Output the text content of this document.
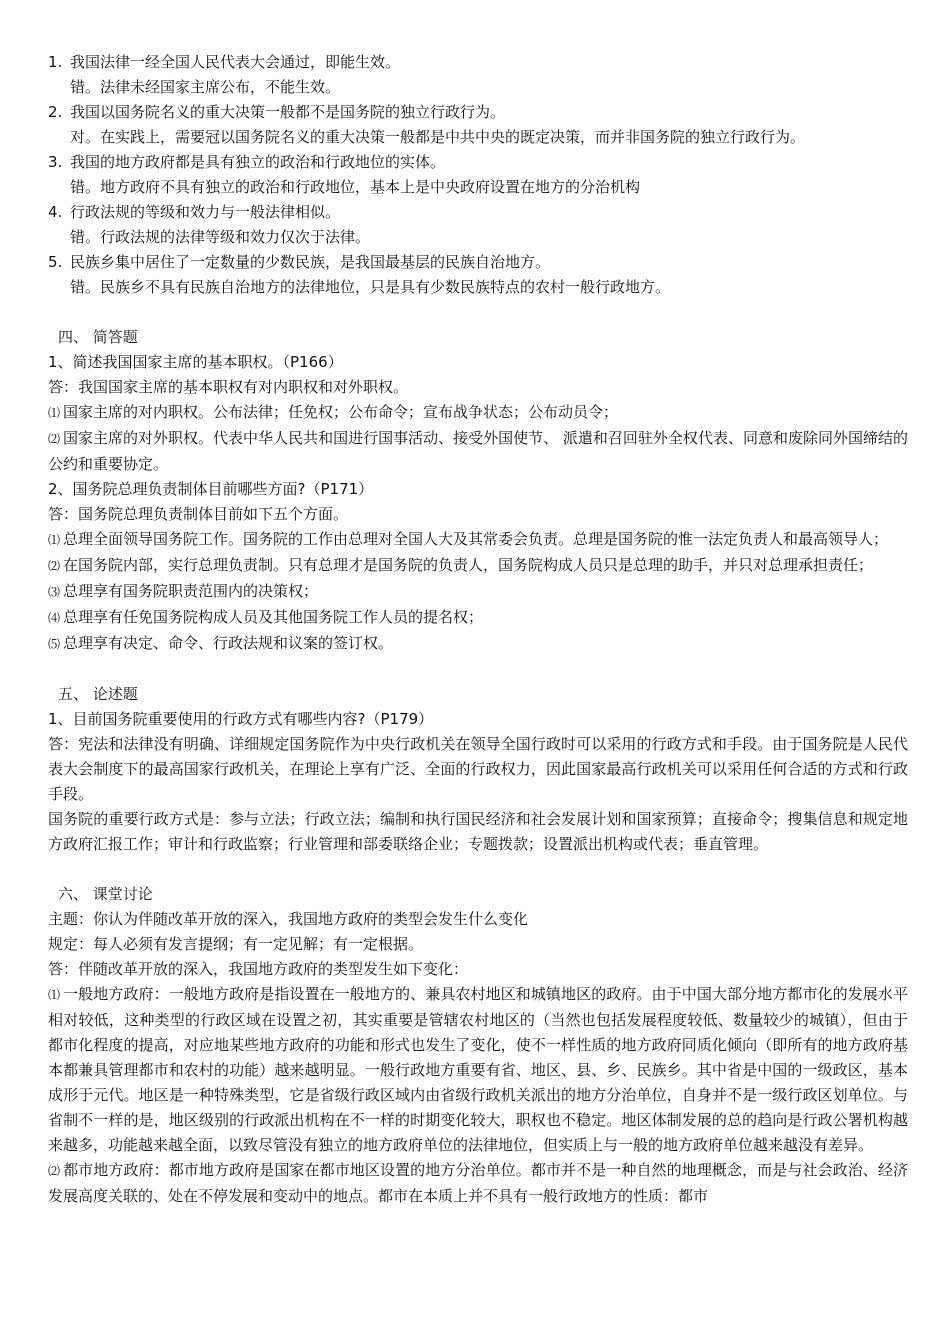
1. 我国法律一经全国人民代表大会通过，即能生效。
错。法律未经国家主席公布，不能生效。
2. 我国以国务院名义的重大决策一般都不是国务院的独立行政行为。
对。在实践上，需要冠以国务院名义的重大决策一般都是中共中央的既定决策，而并非国务院的独立行政行为。
3. 我国的地方政府都是具有独立的政治和行政地位的实体。
错。地方政府不具有独立的政治和行政地位，基本上是中央政府设置在地方的分治机构
4. 行政法规的等级和效力与一般法律相似。
错。行政法规的法律等级和效力仅次于法律。
5. 民族乡集中居住了一定数量的少数民族，是我国最基层的民族自治地方。
错。民族乡不具有民族自治地方的法律地位，只是具有少数民族特点的农村一般行政地方。
四、 简答题
1、简述我国国家主席的基本职权。（P166）
答：我国国家主席的基本职权有对内职权和对外职权。
⑴ 国家主席的对内职权。公布法律；任免权；公布命令；宣布战争状态；公布动员令；
⑵ 国家主席的对外职权。代表中华人民共和国进行国事活动、接受外国使节、 派遣和召回驻外全权代表、同意和废除同外国缔结的公约和重要协定。
2、国务院总理负责制体目前哪些方面?（P171）
答：国务院总理负责制体目前如下五个方面。
⑴ 总理全面领导国务院工作。国务院的工作由总理对全国人大及其常委会负责。总理是国务院的惟一法定负责人和最高领导人；
⑵ 在国务院内部，实行总理负责制。只有总理才是国务院的负责人，国务院构成人员只是总理的助手，并只对总理承担责任；
⑶ 总理享有国务院职责范围内的决策权；
⑷ 总理享有任免国务院构成人员及其他国务院工作人员的提名权；
⑸ 总理享有决定、命令、行政法规和议案的签订权。
五、 论述题
1、目前国务院重要使用的行政方式有哪些内容?（P179）
答：宪法和法律没有明确、详细规定国务院作为中央行政机关在领导全国行政时可以采用的行政方式和手段。由于国务院是人民代表大会制度下的最高国家行政机关，在理论上享有广泛、全面的行政权力，因此国家最高行政机关可以采用任何合适的方式和行政手段。
国务院的重要行政方式是：参与立法；行政立法；编制和执行国民经济和社会发展计划和国家预算；直接命令；搜集信息和规定地方政府汇报工作；审计和行政监察；行业管理和部委联络企业；专题拨款；设置派出机构或代表；垂直管理。
六、 课堂讨论
主题：你认为伴随改革开放的深入，我国地方政府的类型会发生什么变化
规定：每人必须有发言提纲；有一定见解；有一定根据。
答：伴随改革开放的深入，我国地方政府的类型发生如下变化：
⑴ 一般地方政府：一般地方政府是指设置在一般地方的、兼具农村地区和城镇地区的政府。由于中国大部分地方都市化的发展水平相对较低，这种类型的行政区域在设置之初，其实重要是管辖农村地区的（当然也包括发展程度较低、数量较少的城镇），但由于都市化程度的提高，对应地某些地方政府的功能和形式也发生了变化，使不一样性质的地方政府同质化倾向（即所有的地方政府基本都兼具管理都市和农村的功能）越来越明显。一般行政地方重要有省、地区、县、乡、民族乡。其中省是中国的一级政区，基本成形于元代。地区是一种特殊类型，它是省级行政区域内由省级行政机关派出的地方分治单位，自身并不是一级行政区划单位。与省制不一样的是，地区级别的行政派出机构在不一样的时期变化较大，职权也不稳定。地区体制发展的总的趋向是行政公署机构越来越多，功能越来越全面，以致尽管没有独立的地方政府单位的法律地位，但实质上与一般的地方政府单位越来越没有差异。
⑵ 都市地方政府：都市地方政府是国家在都市地区设置的地方分治单位。都市并不是一种自然的地理概念，而是与社会政治、经济发展高度关联的、处在不停发展和变动中的地点。都市在本质上并不具有一般行政地方的性质：都市
